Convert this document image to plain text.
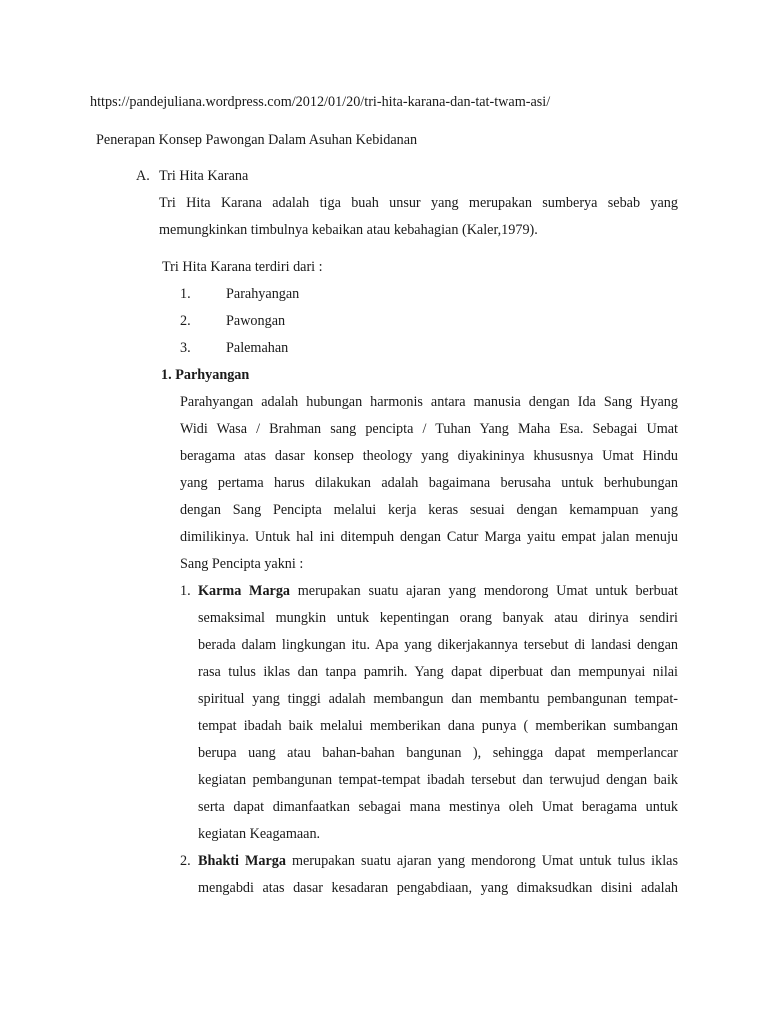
https://pandejuliana.wordpress.com/2012/01/20/tri-hita-karana-dan-tat-twam-asi/
Penerapan Konsep Pawongan Dalam Asuhan Kebidanan
A. Tri Hita Karana
Tri Hita Karana adalah tiga buah unsur yang merupakan sumberya sebab yang
memungkinkan timbulnya kebaikan atau kebahagian (Kaler,1979).
Tri Hita Karana terdiri dari :
1. Parahyangan
2. Pawongan
3. Palemahan
1. Parhyangan
Parahyangan adalah hubungan harmonis antara manusia dengan Ida Sang Hyang
Widi Wasa / Brahman sang pencipta / Tuhan Yang Maha Esa. Sebagai Umat
beragama atas dasar konsep theology yang diyakininya khususnya Umat Hindu
yang pertama harus dilakukan adalah bagaimana berusaha untuk berhubungan
dengan Sang Pencipta melalui kerja keras sesuai dengan kemampuan yang
dimilikinya. Untuk hal ini ditempuh dengan Catur Marga yaitu empat jalan menuju
Sang Pencipta yakni :
1. Karma Marga merupakan suatu ajaran yang mendorong Umat untuk berbuat
semaksimal mungkin untuk kepentingan orang banyak atau dirinya sendiri
berada dalam lingkungan itu. Apa yang dikerjakannya tersebut di landasi dengan
rasa tulus iklas dan tanpa pamrih. Yang dapat diperbuat dan mempunyai nilai
spiritual yang tinggi adalah membangun dan membantu pembangunan tempat-
tempat ibadah baik melalui memberikan dana punya ( memberikan sumbangan
berupa uang atau bahan-bahan bangunan ), sehingga dapat memperlancar
kegiatan pembangunan tempat-tempat ibadah tersebut dan terwujud dengan baik
serta dapat dimanfaatkan sebagai mana mestinya oleh Umat beragama untuk
kegiatan Keagamaan.
2. Bhakti Marga merupakan suatu ajaran yang mendorong Umat untuk tulus iklas
mengabdi atas dasar kesadaran pengabdiaan, yang dimaksudkan disini adalah
